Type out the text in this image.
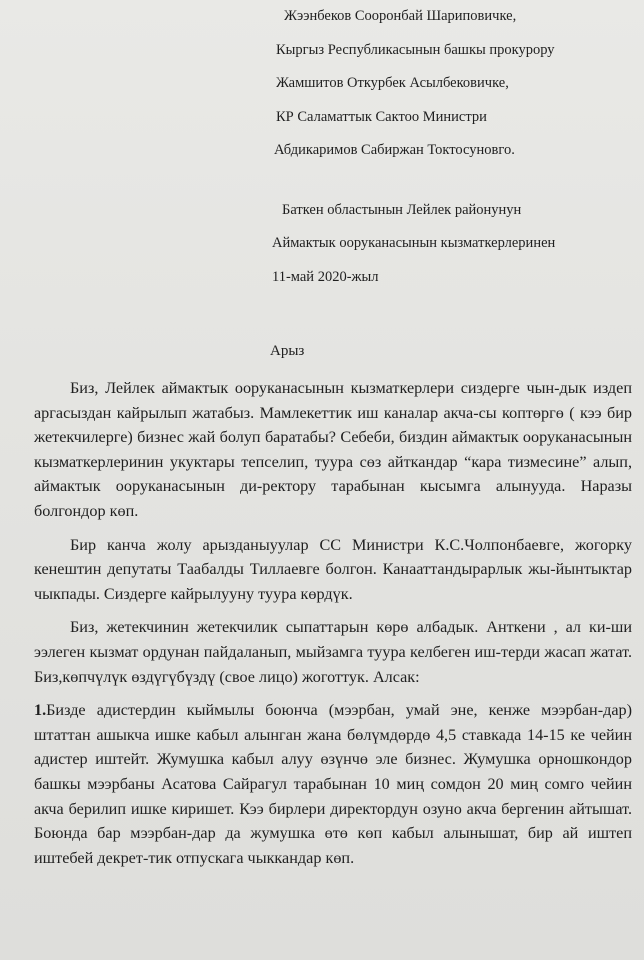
Жээнбеков Сооронбай Шариповичке,
Кыргыз Республикасынын башкы прокурору
Жамшитов Откурбек Асылбековичке,
КР Саламаттык Сактоо Министри
Абдикаримов Сабиржан Токтосуновго.
Баткен областынын Лейлек районунун
Аймактык ооруканасынын кызматкерлеринен
11-май 2020-жыл
Арыз

Биз, Лейлек аймактык ооруканасынын кызматкерлери сиздерге чын-дык издеп аргасыздан кайрылып жатабыз. Мамлекеттик иш каналар акча-сы коптөргө ( кээ бир жетекчилерге) бизнес жай болуп баратабы? Себеби, биздин аймактык ооруканасынын кызматкерлеринин укуктары тепселип, туура сөз айткандар “кара тизмесине” алып, аймактык ооруканасынын ди-ректору тарабынан кысымга алынууда. Наразы болгондор көп.

Бир канча жолу арызданыуулар СС Министри К.С.Чолпонбаевге, жогорку кенештин депутаты Таабалды Тиллаевге болгон. Канааттандырарлык жы-йынтыктар чыкпады. Сиздерге кайрылууну туура көрдүк.

Биз, жетекчинин жетекчилик сыпаттарын көрө албадык. Анткени , ал ки-ши ээлеген кызмат ордунан пайдаланып, мыйзамга туура келбеген иш-терди жасап жатат. Биз,көпчүлүк өздүгүбүздү (свое лицо) жоготтук. Алсак:

1.Бизде адистердин кыймылы боюнча (мээрбан, умай эне, кенже мээрбан-дар) штаттан ашыкча ишке кабыл алынган жана бөлүмдөрдө 4,5 ставкада 14-15 ке чейин адистер иштейт. Жумушка кабыл алуу өзүнчө эле бизнес. Жумушка орношкондор башкы мээрбаны Асатова Сайрагул тарабынан 10 миң сомдон 20 миң сомго чейин акча берилип ишке киришет. Кээ бирлери директордун озуно акча бергенин айтышат. Боюнда бар мээрбан-дар да жумушка өтө көп кабыл алынышат, бир ай иштеп иштебей декрет-тик отпускага чыккандар көп.
